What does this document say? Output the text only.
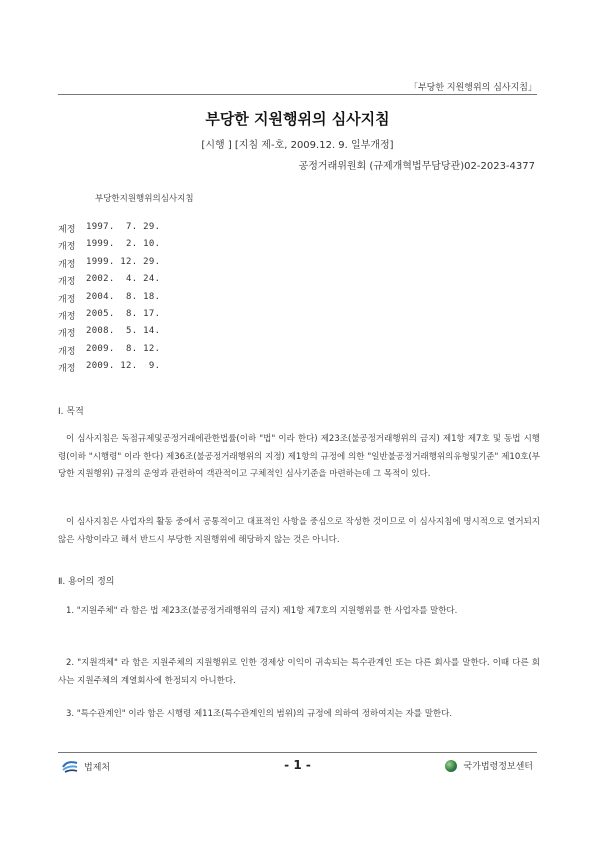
「부당한 지원행위의 심사지침」
부당한 지원행위의 심사지침
[시행 ] [지침 제-호, 2009.12. 9. 일부개정]
공정거래위원회 (규제개혁법무담당관)02-2023-4377
부당한지원행위의심사지침
제정	1997.  7. 29.
개정	1999.  2. 10.
개정	1999. 12. 29.
개정	2002.  4. 24.
개정	2004.  8. 18.
개정	2005.  8. 17.
개정	2008.  5. 14.
개정	2009.  8. 12.
개정	2009. 12.  9.
Ⅰ. 목적
이 심사지침은 독점규제및공정거래에관한법률(이하 "법" 이라 한다) 제23조(불공정거래행위의 금지) 제1항 제7호 및 동법 시행령(이하 "시행령" 이라 한다) 제36조(불공정거래행위의 지정) 제1항의 규정에 의한 "일반불공정거래행위의유형및기준" 제10호(부당한 지원행위) 규정의 운영과 관련하여 객관적이고 구체적인 심사기준을 마련하는데 그 목적이 있다.
이 심사지침은 사업자의 활동 중에서 공통적이고 대표적인 사항을 중심으로 작성한 것이므로 이 심사지침에 명시적으로 열거되지 않은 사항이라고 해서 반드시 부당한 지원행위에 해당하지 않는 것은 아니다.
Ⅱ. 용어의 정의
1. "지원주체" 라 함은 법 제23조(불공정거래행위의 금지) 제1항 제7호의 지원행위를 한 사업자를 말한다.
2. "지원객체" 라 함은 지원주체의 지원행위로 인한 경제상 이익이 귀속되는 특수관계인 또는 다른 회사를 말한다. 이때 다른 회사는 지원주체의 계열회사에 한정되지 아니한다.
3. "특수관계인" 이라 함은 시행령 제11조(특수관계인의 범위)의 규정에 의하여 정하여지는 자를 말한다.
법제처	- 1 -	국가법령정보센터
